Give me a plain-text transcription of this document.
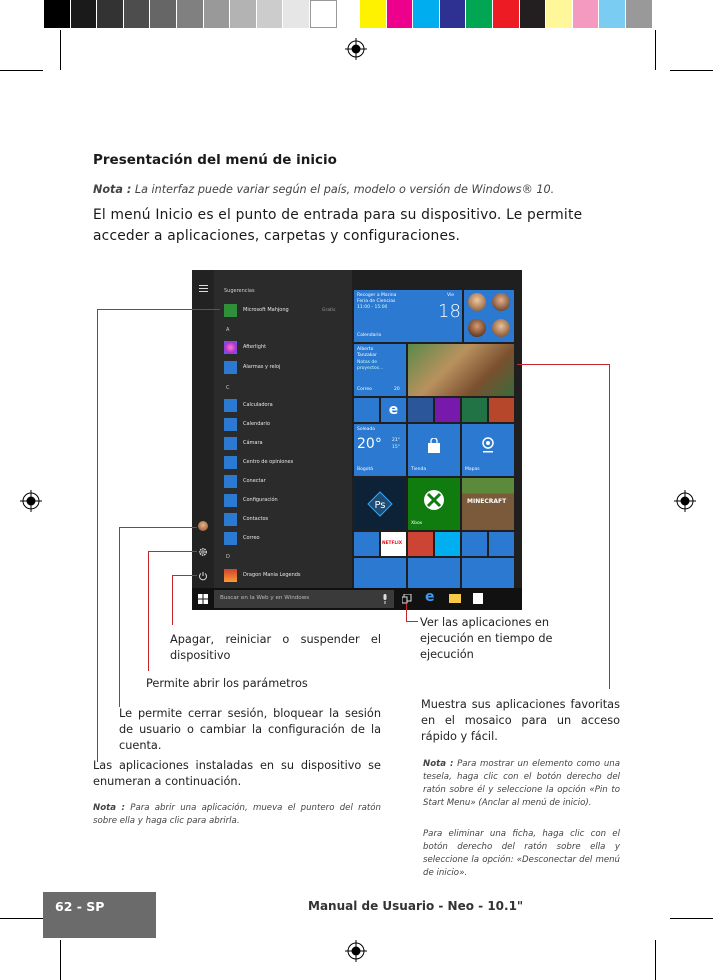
Presentación del menú de inicio
Nota : La interfaz puede variar según el país, modelo o versión de Windows® 10.
El menú Inicio es el punto de entrada para su dispositivo. Le permite acceder a aplicaciones, carpetas y configuraciones.
Sugerencias
Microsoft Mahjong	Gratis
A
Afterlight
Alarmas y reloj
C
Calculadora
Calendario
Cámara
Centro de opiniones
Conectar
Configuración
Contactos
Correo
D
Dragon Mania Legends
Recoger a Marina
Feria de Ciencias
11:00 - 15:00
Vie
18
Calendario
Alberto
Tanzakar
Notas de
proyectos...
Correo	20
e
Soleado
20° 21°
15°
Bogotá	Tienda	Mapas
Ps
Xbox
MINECRAFT
NETFLIX
Buscar en la Web y en Windows	e
Apagar, reiniciar o suspender el dispositivo
Ver las aplicaciones en ejecución en tiempo de ejecución
Permite abrir los parámetros
Le permite cerrar sesión, bloquear la sesión de usuario o cambiar la configuración de la cuenta.
Las aplicaciones instaladas en su dispositivo se enumeran a continuación.
Nota : Para abrir una aplicación, mueva el puntero del ratón sobre ella y haga clic para abrirla.
Muestra sus aplicaciones favoritas en el mosaico para un acceso rápido y fácil.
Nota : Para mostrar un elemento como una tesela, haga clic con el botón derecho del ratón sobre él y seleccione la opción «Pin to Start Menu» (Anclar al menú de inicio).
Para eliminar una ficha, haga clic con el botón derecho del ratón sobre ella y seleccione la opción: «Desconectar del menú de inicio».
62 - SP	Manual de Usuario - Neo - 10.1"
